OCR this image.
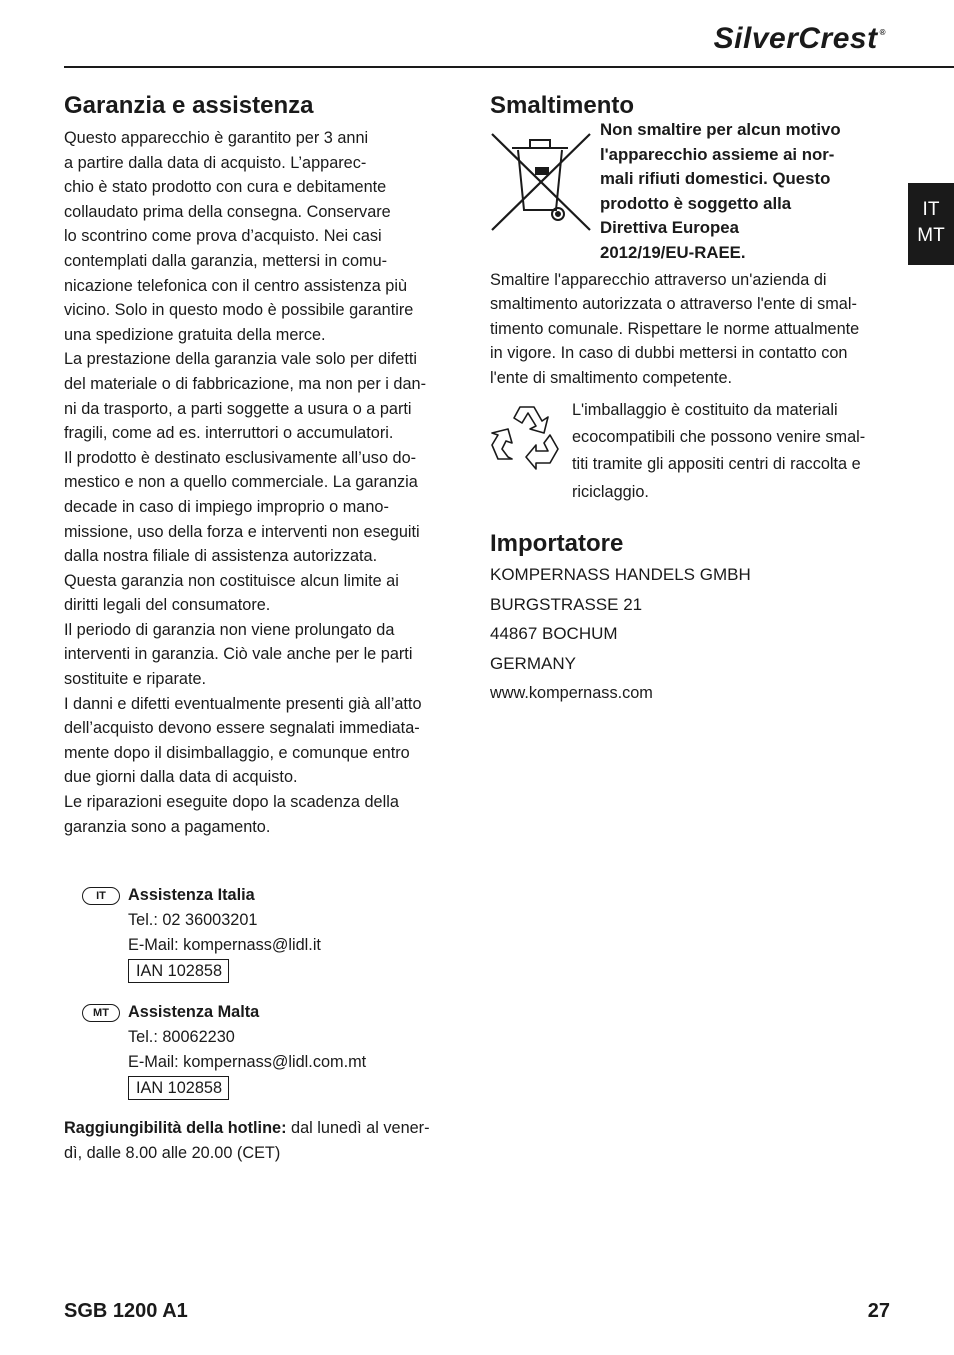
SilverCrest ®
IT
MT
Garanzia e assistenza
Questo apparecchio è garantito per 3 anni
a partire dalla data di acquisto. L’apparec-
chio è stato prodotto con cura e debitamente
collaudato prima della consegna. Conservare
lo scontrino come prova d’acquisto. Nei casi
contemplati dalla garanzia, mettersi in comu-
nicazione telefonica con il centro assistenza più
vicino. Solo in questo modo è possibile garantire
una spedizione gratuita della merce.
La prestazione della garanzia vale solo per difetti
del materiale o di fabbricazione, ma non per i dan-
ni da trasporto, a parti soggette a usura o a parti
fragili, come ad es. interruttori o accumulatori.
Il prodotto è destinato esclusivamente all’uso do-
mestico e non a quello commerciale. La garanzia
decade in caso di impiego improprio o mano-
missione, uso della forza e interventi non eseguiti
dalla nostra filiale di assistenza autorizzata.
Questa garanzia non costituisce alcun limite ai
diritti legali del consumatore.
Il periodo di garanzia non viene prolungato da
interventi in garanzia. Ciò vale anche per le parti
sostituite e riparate.
I danni e difetti eventualmente presenti già all’atto
dell’acquisto devono essere segnalati immediata-
mente dopo il disimballaggio, e comunque entro
due giorni dalla data di acquisto.
Le riparazioni eseguite dopo la scadenza della
garanzia sono a pagamento.
IT	Assistenza Italia
Tel.: 02 36003201
E-Mail: kompernass@lidl.it
IAN 102858
MT	Assistenza Malta
Tel.: 80062230
E-Mail: kompernass@lidl.com.mt
IAN 102858
Raggiungibilità della hotline: dal lunedì al vener-
dì, dalle 8.00 alle 20.00 (CET)
Smaltimento
Non smaltire per alcun motivo
l'apparecchio assieme ai nor-
mali rifiuti domestici. Questo
prodotto è soggetto alla
Direttiva Europea
2012/19/EU-RAEE.
Smaltire l'apparecchio attraverso un'azienda di
smaltimento autorizzata o attraverso l'ente di smal-
timento comunale. Rispettare le norme attualmente
in vigore. In caso di dubbi mettersi in contatto con
l'ente di smaltimento competente.
L'imballaggio è costituito da materiali
ecocompatibili che possono venire smal-
titi tramite gli appositi centri di raccolta e
riciclaggio.
Importatore
KOMPERNASS HANDELS GMBH
BURGSTRASSE 21
44867 BOCHUM
GERMANY
www.kompernass.com
SGB 1200 A1	27
